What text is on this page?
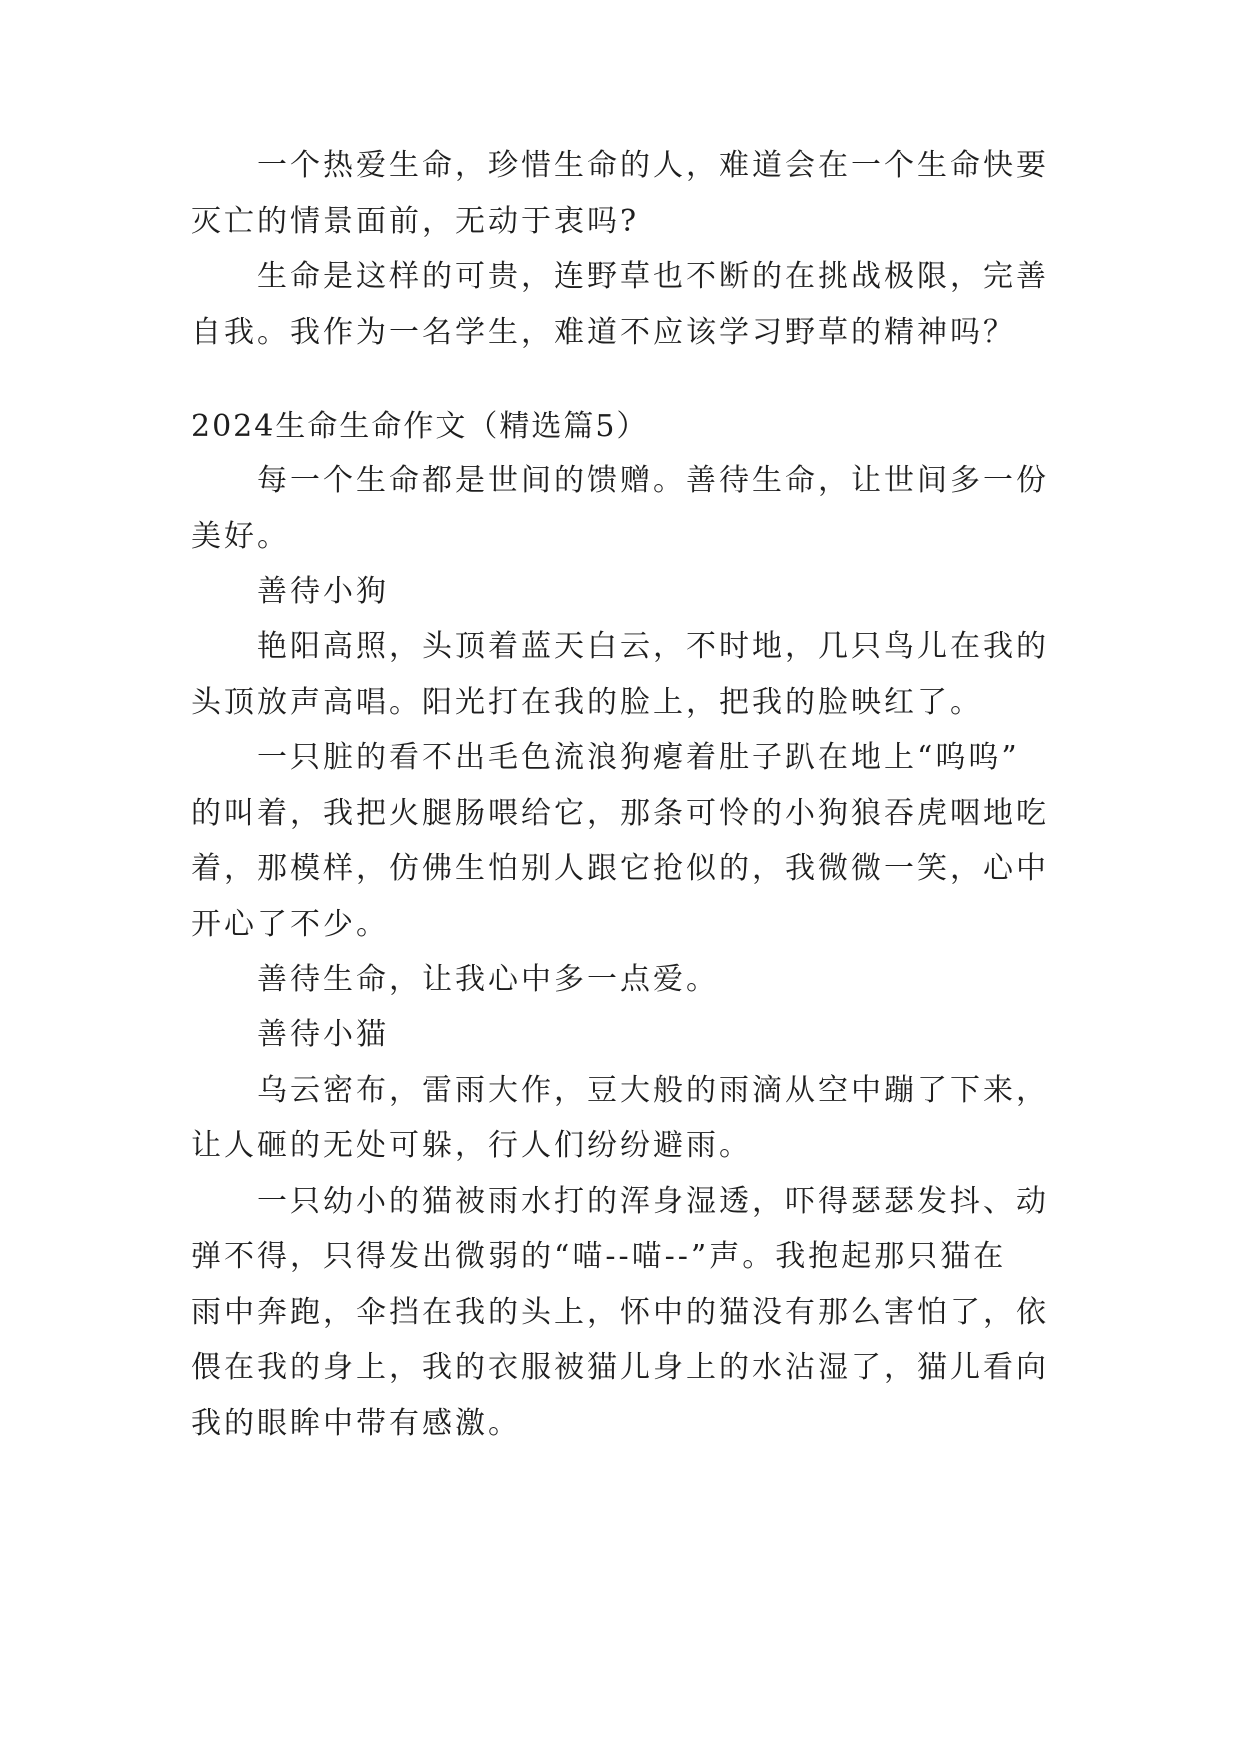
一个热爱生命，珍惜生命的人，难道会在一个生命快要
灭亡的情景面前，无动于衷吗?
生命是这样的可贵，连野草也不断的在挑战极限，完善
自我。我作为一名学生，难道不应该学习野草的精神吗？
2024生命生命作文（精选篇5）
每一个生命都是世间的馈赠。善待生命，让世间多一份
美好。
善待小狗
艳阳高照，头顶着蓝天白云，不时地，几只鸟儿在我的
头顶放声高唱。阳光打在我的脸上，把我的脸映红了。
一只脏的看不出毛色流浪狗瘪着肚子趴在地上“呜呜”
的叫着，我把火腿肠喂给它，那条可怜的小狗狼吞虎咽地吃
着，那模样，仿佛生怕别人跟它抢似的，我微微一笑，心中
开心了不少。
善待生命，让我心中多一点爱。
善待小猫
乌云密布，雷雨大作，豆大般的雨滴从空中蹦了下来，
让人砸的无处可躲，行人们纷纷避雨。
一只幼小的猫被雨水打的浑身湿透，吓得瑟瑟发抖、动
弹不得，只得发出微弱的“喵--喵--”声。我抱起那只猫在
雨中奔跑，伞挡在我的头上，怀中的猫没有那么害怕了，依
偎在我的身上，我的衣服被猫儿身上的水沾湿了，猫儿看向
我的眼眸中带有感激。
